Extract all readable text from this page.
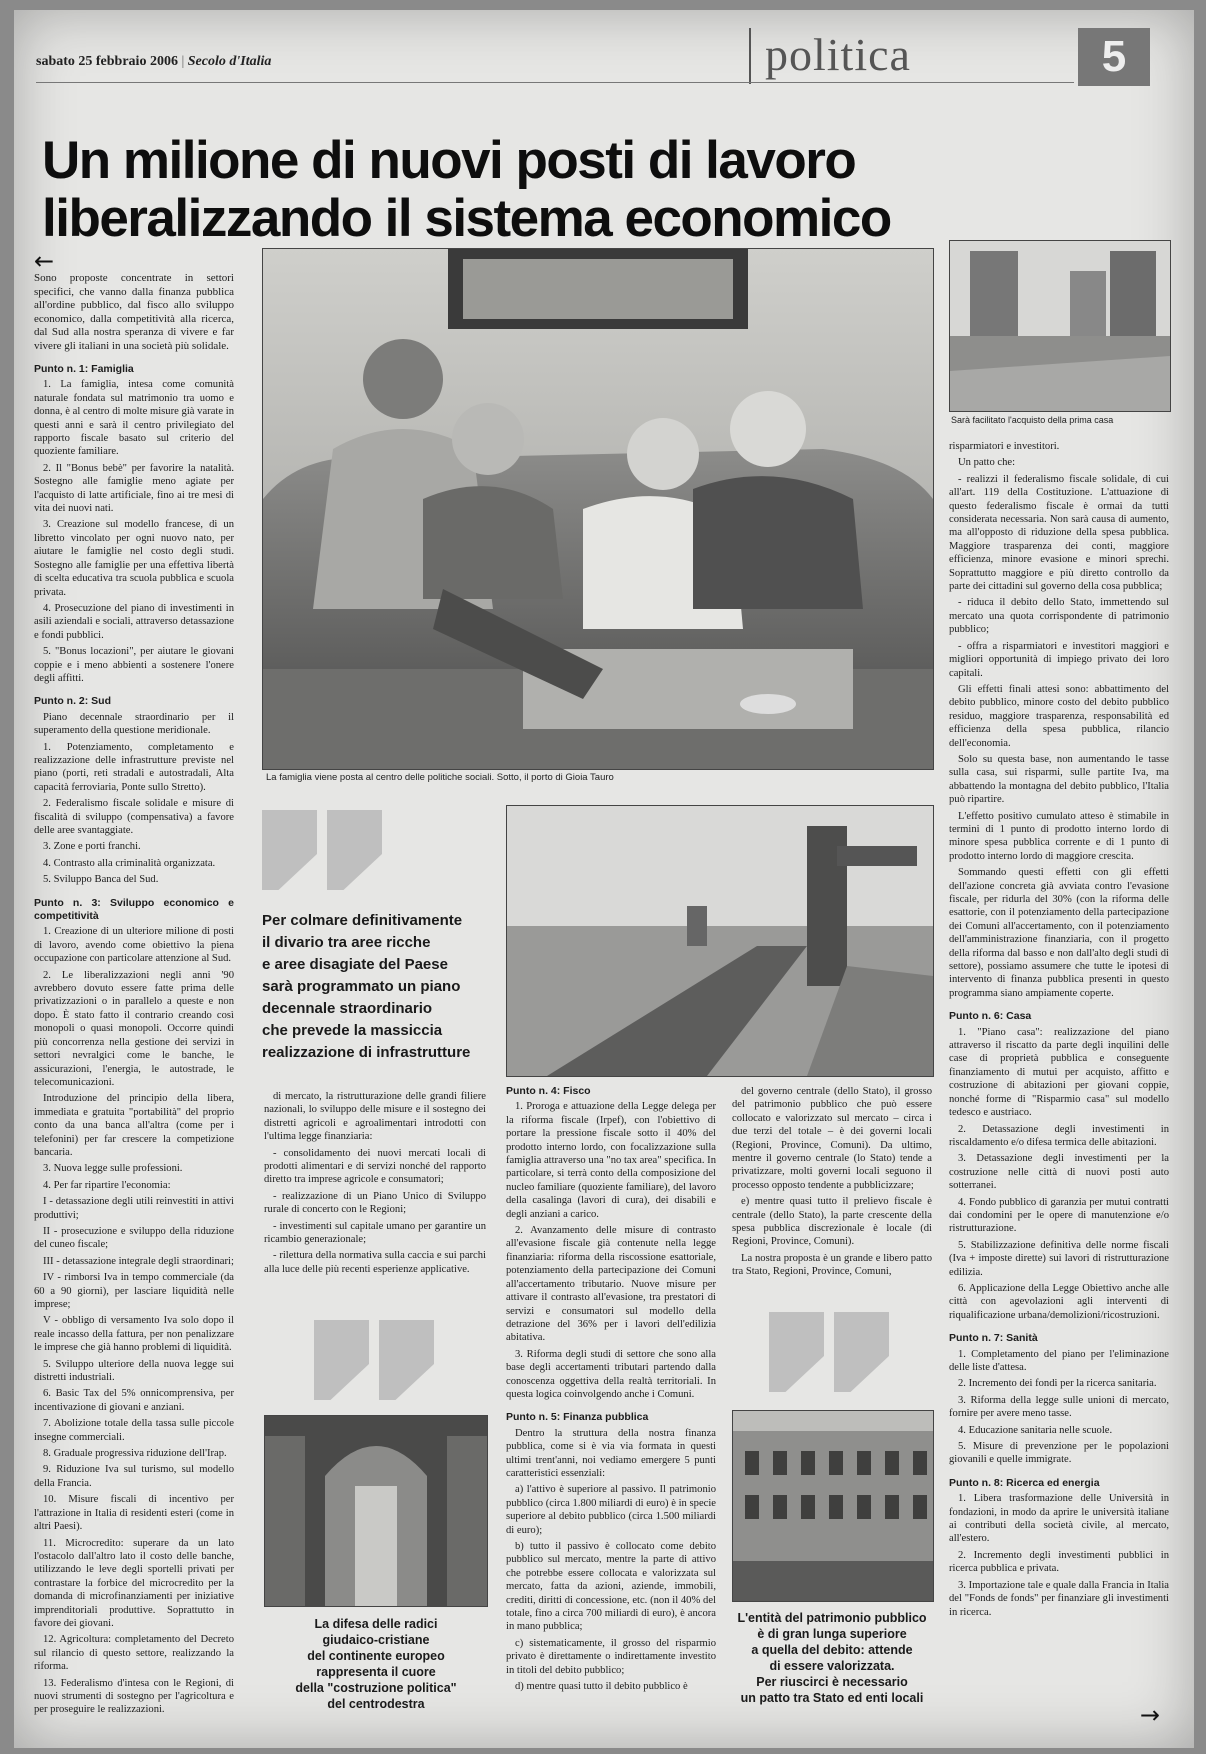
sabato 25 febbraio 2006 | Secolo d'Italia	politica	5
Un milione di nuovi posti di lavoro
liberalizzando il sistema economico
←

Sono proposte concentrate in settori specifici, che vanno dalla finanza pubblica all'ordine pubblico, dal fisco allo sviluppo economico, dalla competitività alla ricerca, dal Sud alla nostra speranza di vivere e far vivere gli italiani in una società più solidale.

Punto n. 1: Famiglia

1. La famiglia, intesa come comunità naturale fondata sul matrimonio tra uomo e donna, è al centro di molte misure già varate in questi anni e sarà il centro privilegiato del rapporto fiscale basato sul criterio del quoziente familiare.

2. Il "Bonus bebè" per favorire la natalità. Sostegno alle famiglie meno agiate per l'acquisto di latte artificiale, fino ai tre mesi di vita dei nuovi nati.

3. Creazione sul modello francese, di un libretto vincolato per ogni nuovo nato, per aiutare le famiglie nel costo degli studi. Sostegno alle famiglie per una effettiva libertà di scelta educativa tra scuola pubblica e scuola privata.

4. Prosecuzione del piano di investimenti in asili aziendali e sociali, attraverso detassazione e fondi pubblici.

5. "Bonus locazioni", per aiutare le giovani coppie e i meno abbienti a sostenere l'onere degli affitti.

Punto n. 2: Sud

Piano decennale straordinario per il superamento della questione meridionale.

1. Potenziamento, completamento e realizzazione delle infrastrutture previste nel piano (porti, reti stradali e autostradali, Alta capacità ferroviaria, Ponte sullo Stretto).

2. Federalismo fiscale solidale e misure di fiscalità di sviluppo (compensativa) a favore delle aree svantaggiate.

3. Zone e porti franchi.

4. Contrasto alla criminalità organizzata.

5. Sviluppo Banca del Sud.

Punto n. 3: Sviluppo economico e competitività

1. Creazione di un ulteriore milione di posti di lavoro, avendo come obiettivo la piena occupazione con particolare attenzione al Sud.

2. Le liberalizzazioni negli anni '90 avrebbero dovuto essere fatte prima delle privatizzazioni o in parallelo a queste e non dopo. È stato fatto il contrario creando così monopoli o quasi monopoli. Occorre quindi più concorrenza nella gestione dei servizi in settori nevralgici come le banche, le assicurazioni, l'energia, le autostrade, le telecomunicazioni.

Introduzione del principio della libera, immediata e gratuita "portabilità" del proprio conto da una banca all'altra (come per i telefonini) per far crescere la competizione bancaria.

3. Nuova legge sulle professioni.

4. Per far ripartire l'economia:

I - detassazione degli utili reinvestiti in attivi produttivi;

II - prosecuzione e sviluppo della riduzione del cuneo fiscale;

III - detassazione integrale degli straordinari;

IV - rimborsi Iva in tempo commerciale (da 60 a 90 giorni), per lasciare liquidità nelle imprese;

V - obbligo di versamento Iva solo dopo il reale incasso della fattura, per non penalizzare le imprese che già hanno problemi di liquidità.

5. Sviluppo ulteriore della nuova legge sui distretti industriali.

6. Basic Tax del 5% onnicomprensiva, per incentivazione di giovani e anziani.

7. Abolizione totale della tassa sulle piccole insegne commerciali.

8. Graduale progressiva riduzione dell'Irap.

9. Riduzione Iva sul turismo, sul modello della Francia.

10. Misure fiscali di incentivo per l'attrazione in Italia di residenti esteri (come in altri Paesi).

11. Microcredito: superare da un lato l'ostacolo dall'altro lato il costo delle banche, utilizzando le leve degli sportelli privati per contrastare la forbice del microcredito per la domanda di microfinanziamenti per iniziative imprenditoriali produttive. Soprattutto in favore dei giovani.

12. Agricoltura: completamento del Decreto sul rilancio di questo settore, realizzando la riforma.

13. Federalismo d'intesa con le Regioni, di nuovi strumenti di sostegno per l'agricoltura e per proseguire le realizzazioni.

La famiglia viene posta al centro delle politiche sociali. Sotto, il porto di Gioia Tauro
Sarà facilitato l'acquisto della prima casa
Per colmare definitivamente
il divario tra aree ricche
e aree disagiate del Paese
sarà programmato un piano
decennale straordinario
che prevede la massiccia
realizzazione di infrastrutture

di mercato, la ristrutturazione delle grandi filiere nazionali, lo sviluppo delle misure e il sostegno dei distretti agricoli e agroalimentari introdotti con l'ultima legge finanziaria:

- consolidamento dei nuovi mercati locali di prodotti alimentari e di servizi nonché del rapporto diretto tra imprese agricole e consumatori;

- realizzazione di un Piano Unico di Sviluppo rurale di concerto con le Regioni;

- investimenti sul capitale umano per garantire un ricambio generazionale;

- rilettura della normativa sulla caccia e sui parchi alla luce delle più recenti esperienze applicative.

La difesa delle radici
giudaico-cristiane
del continente europeo
rappresenta il cuore
della "costruzione politica"
del centrodestra
Punto n. 4: Fisco

1. Proroga e attuazione della Legge delega per la riforma fiscale (Irpef), con l'obiettivo di portare la pressione fiscale sotto il 40% del prodotto interno lordo, con focalizzazione sulla famiglia attraverso una "no tax area" specifica. In particolare, si terrà conto della composizione del nucleo familiare (quoziente familiare), del lavoro della casalinga (lavori di cura), dei disabili e degli anziani a carico.

2. Avanzamento delle misure di contrasto all'evasione fiscale già contenute nella legge finanziaria: riforma della riscossione esattoriale, potenziamento della partecipazione dei Comuni all'accertamento tributario. Nuove misure per attivare il contrasto all'evasione, tra prestatori di servizi e consumatori sul modello della detrazione del 36% per i lavori dell'edilizia abitativa.

3. Riforma degli studi di settore che sono alla base degli accertamenti tributari partendo dalla conoscenza oggettiva della realtà territoriali. In questa logica coinvolgendo anche i Comuni.

Punto n. 5: Finanza pubblica

Dentro la struttura della nostra finanza pubblica, come si è via via formata in questi ultimi trent'anni, noi vediamo emergere 5 punti caratteristici essenziali:

a) l'attivo è superiore al passivo. Il patrimonio pubblico (circa 1.800 miliardi di euro) è in specie superiore al debito pubblico (circa 1.500 miliardi di euro);

b) tutto il passivo è collocato come debito pubblico sul mercato, mentre la parte di attivo che potrebbe essere collocata e valorizzata sul mercato, fatta da azioni, aziende, immobili, crediti, diritti di concessione, etc. (non il 40% del totale, fino a circa 700 miliardi di euro), è ancora in mano pubblica;

c) sistematicamente, il grosso del risparmio privato è direttamente o indirettamente investito in titoli del debito pubblico;

d) mentre quasi tutto il debito pubblico è

del governo centrale (dello Stato), il grosso del patrimonio pubblico che può essere collocato e valorizzato sul mercato – circa i due terzi del totale – è dei governi locali (Regioni, Province, Comuni). Da ultimo, mentre il governo centrale (lo Stato) tende a privatizzare, molti governi locali seguono il processo opposto tendente a pubblicizzare;

e) mentre quasi tutto il prelievo fiscale è centrale (dello Stato), la parte crescente della spesa pubblica discrezionale è locale (di Regioni, Province, Comuni).

La nostra proposta è un grande e libero patto tra Stato, Regioni, Province, Comuni,

L'entità del patrimonio pubblico
è di gran lunga superiore
a quella del debito: attende
di essere valorizzata.
Per riuscirci è necessario
un patto tra Stato ed enti locali

risparmiatori e investitori.

Un patto che:

- realizzi il federalismo fiscale solidale, di cui all'art. 119 della Costituzione. L'attuazione di questo federalismo fiscale è ormai da tutti considerata necessaria. Non sarà causa di aumento, ma all'opposto di riduzione della spesa pubblica. Maggiore trasparenza dei conti, maggiore efficienza, minore evasione e minori sprechi. Soprattutto maggiore e più diretto controllo da parte dei cittadini sul governo della cosa pubblica;

- riduca il debito dello Stato, immettendo sul mercato una quota corrispondente di patrimonio pubblico;

- offra a risparmiatori e investitori maggiori e migliori opportunità di impiego privato dei loro capitali.

Gli effetti finali attesi sono: abbattimento del debito pubblico, minore costo del debito pubblico residuo, maggiore trasparenza, responsabilità ed efficienza della spesa pubblica, rilancio dell'economia.

Solo su questa base, non aumentando le tasse sulla casa, sui risparmi, sulle partite Iva, ma abbattendo la montagna del debito pubblico, l'Italia può ripartire.

L'effetto positivo cumulato atteso è stimabile in termini di 1 punto di prodotto interno lordo di minore spesa pubblica corrente e di 1 punto di prodotto interno lordo di maggiore crescita.

Sommando questi effetti con gli effetti dell'azione concreta già avviata contro l'evasione fiscale, per ridurla del 30% (con la riforma delle esattorie, con il potenziamento della partecipazione dei Comuni all'accertamento, con il potenziamento dell'amministrazione finanziaria, con il progetto della riforma dal basso e non dall'alto degli studi di settore), possiamo assumere che tutte le ipotesi di intervento di finanza pubblica presenti in questo programma siano ampiamente coperte.

Punto n. 6: Casa

1. "Piano casa": realizzazione del piano attraverso il riscatto da parte degli inquilini delle case di proprietà pubblica e conseguente finanziamento di mutui per acquisto, affitto e costruzione di abitazioni per giovani coppie, nonché forme di "Risparmio casa" sul modello tedesco e austriaco.

2. Detassazione degli investimenti in riscaldamento e/o difesa termica delle abitazioni.

3. Detassazione degli investimenti per la costruzione nelle città di nuovi posti auto sotterranei.

4. Fondo pubblico di garanzia per mutui contratti dai condomini per le opere di manutenzione e/o ristrutturazione.

5. Stabilizzazione definitiva delle norme fiscali (Iva + imposte dirette) sui lavori di ristrutturazione edilizia.

6. Applicazione della Legge Obiettivo anche alle città con agevolazioni agli interventi di riqualificazione urbana/demolizioni/ricostruzioni.

Punto n. 7: Sanità

1. Completamento del piano per l'eliminazione delle liste d'attesa.

2. Incremento dei fondi per la ricerca sanitaria.

3. Riforma della legge sulle unioni di mercato, fornire per avere meno tasse.

4. Educazione sanitaria nelle scuole.

5. Misure di prevenzione per le popolazioni giovanili e quelle immigrate.

Punto n. 8: Ricerca ed energia

1. Libera trasformazione delle Università in fondazioni, in modo da aprire le università italiane ai contributi della società civile, al mercato, all'estero.

2. Incremento degli investimenti pubblici in ricerca pubblica e privata.

3. Importazione tale e quale dalla Francia in Italia del "Fonds de fonds" per finanziare gli investimenti in ricerca.

→
